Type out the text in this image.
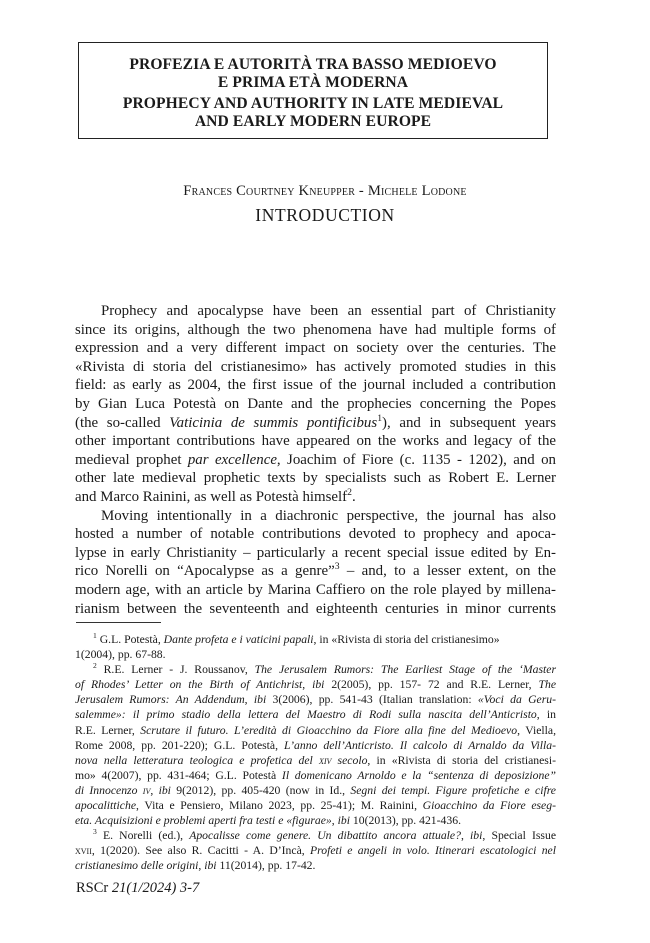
PROFEZIA E AUTORITÀ TRA BASSO MEDIOEVO
E PRIMA ETÀ MODERNA
PROPHECY AND AUTHORITY IN LATE MEDIEVAL
AND EARLY MODERN EUROPE
Frances Courtney Kneupper - Michele Lodone
INTRODUCTION
Prophecy and apocalypse have been an essential part of Christianity
since its origins, although the two phenomena have had multiple forms of
expression and a very different impact on society over the centuries. The
«Rivista di storia del cristianesimo» has actively promoted studies in this
field: as early as 2004, the first issue of the journal included a contribution
by Gian Luca Potestà on Dante and the prophecies concerning the Popes
(the so-called Vaticinia de summis pontificibus$^1$), and in subsequent years
other important contributions have appeared on the works and legacy of the
medieval prophet par excellence, Joachim of Fiore (c. 1135 - 1202), and on
other late medieval prophetic texts by specialists such as Robert E. Lerner
and Marco Rainini, as well as Potestà himself$^2$.
Moving intentionally in a diachronic perspective, the journal has also
hosted a number of notable contributions devoted to prophecy and apoca-
lypse in early Christianity – particularly a recent special issue edited by En-
rico Norelli on “Apocalypse as a genre”$^3$ – and, to a lesser extent, on the
modern age, with an article by Marina Caffiero on the role played by millena-
rianism between the seventeenth and eighteenth centuries in minor currents
$^1$ G.L. Potestà, Dante profeta e i vaticini papali, in «Rivista di storia del cristianesimo»
1(2004), pp. 67-88.
$^2$ R.E. Lerner - J. Roussanov, The Jerusalem Rumors: The Earliest Stage of the ‘Master
of Rhodes’ Letter on the Birth of Antichrist, ibi 2(2005), pp. 157- 72 and R.E. Lerner, The
Jerusalem Rumors: An Addendum, ibi 3(2006), pp. 541-43 (Italian translation: «Voci da Geru-
salemme»: il primo stadio della lettera del Maestro di Rodi sulla nascita dell’Anticristo, in
R.E. Lerner, Scrutare il futuro. L’eredità di Gioacchino da Fiore alla fine del Medioevo, Viella,
Rome 2008, pp. 201-220); G.L. Potestà, L’anno dell’Anticristo. Il calcolo di Arnaldo da Villa-
nova nella letteratura teologica e profetica del xiv secolo, in «Rivista di storia del cristianesi-
mo» 4(2007), pp. 431-464; G.L. Potestà Il domenicano Arnoldo e la “sentenza di deposizione”
di Innocenzo iv, ibi 9(2012), pp. 405-420 (now in Id., Segni dei tempi. Figure profetiche e cifre
apocalittiche, Vita e Pensiero, Milano 2023, pp. 25-41); M. Rainini, Gioacchino da Fiore eseg-
eta. Acquisizioni e problemi aperti fra testi e «figurae», ibi 10(2013), pp. 421-436.
$^3$ E. Norelli (ed.), Apocalisse come genere. Un dibattito ancora attuale?, ibi, Special Issue
xvii, 1(2020). See also R. Cacitti - A. D’Incà, Profeti e angeli in volo. Itinerari escatologici nel
cristianesimo delle origini, ibi 11(2014), pp. 17-42.
RSCr 21(1/2024) 3-7
